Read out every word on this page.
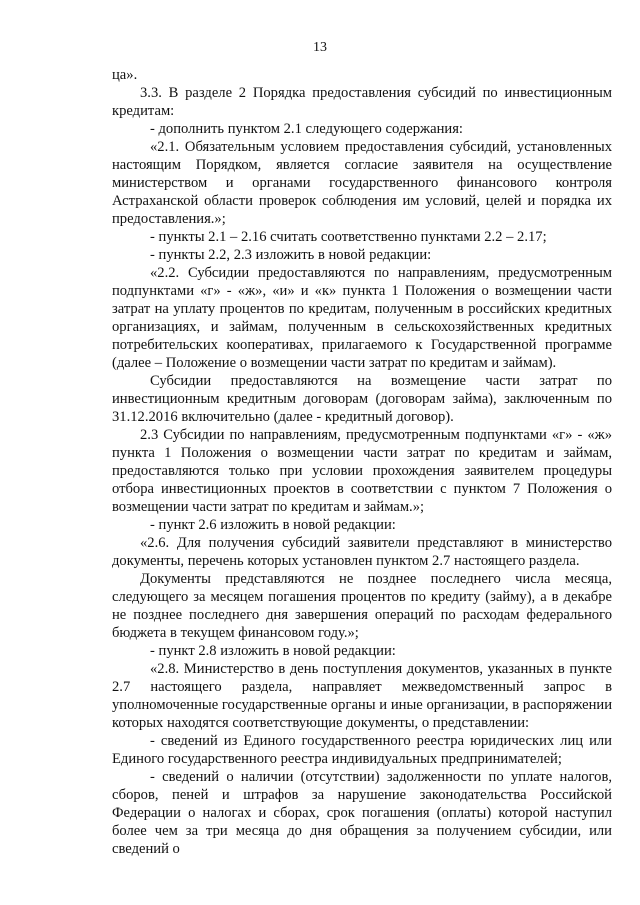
13

ца».

3.3. В разделе 2 Порядка предоставления субсидий по инвестиционным кредитам:

- дополнить пунктом 2.1 следующего содержания:

«2.1. Обязательным условием предоставления субсидий, установленных настоящим Порядком, является согласие заявителя на осуществление министерством и органами государственного финансового контроля Астраханской области проверок соблюдения им условий, целей и порядка их предоставления.»;

- пункты 2.1 – 2.16 считать соответственно пунктами 2.2 – 2.17;

- пункты 2.2, 2.3 изложить в новой редакции:

«2.2. Субсидии предоставляются по направлениям, предусмотренным подпунктами «г» - «ж», «и» и «к» пункта 1 Положения о возмещении части затрат на уплату процентов по кредитам, полученным в российских кредитных организациях, и займам, полученным в сельскохозяйственных кредитных потребительских кооперативах, прилагаемого к Государственной программе (далее – Положение о возмещении части затрат по кредитам и займам).

Субсидии предоставляются на возмещение части затрат по инвестиционным кредитным договорам (договорам займа), заключенным по 31.12.2016 включительно (далее - кредитный договор).

2.3 Субсидии по направлениям, предусмотренным подпунктами «г» - «ж» пункта 1 Положения о возмещении части затрат по кредитам и займам, предоставляются только при условии прохождения заявителем процедуры отбора инвестиционных проектов в соответствии с пунктом 7 Положения о возмещении части затрат по кредитам и займам.»;

- пункт 2.6 изложить в новой редакции:

«2.6. Для получения субсидий заявители представляют в министерство документы, перечень которых установлен пунктом 2.7 настоящего раздела.

Документы представляются не позднее последнего числа месяца, следующего за месяцем погашения процентов по кредиту (займу), а в декабре не позднее последнего дня завершения операций по расходам федерального бюджета в текущем финансовом году.»;

- пункт 2.8 изложить в новой редакции:

«2.8. Министерство в день поступления документов, указанных в пункте 2.7 настоящего раздела, направляет межведомственный запрос в уполномоченные государственные органы и иные организации, в распоряжении которых находятся соответствующие документы, о представлении:

- сведений из Единого государственного реестра юридических лиц или Единого государственного реестра индивидуальных предпринимателей;

- сведений о наличии (отсутствии) задолженности по уплате налогов, сборов, пеней и штрафов за нарушение законодательства Российской Федерации о налогах и сборах, срок погашения (оплаты) которой наступил более чем за три месяца до дня обращения за получением субсидии, или сведений о
